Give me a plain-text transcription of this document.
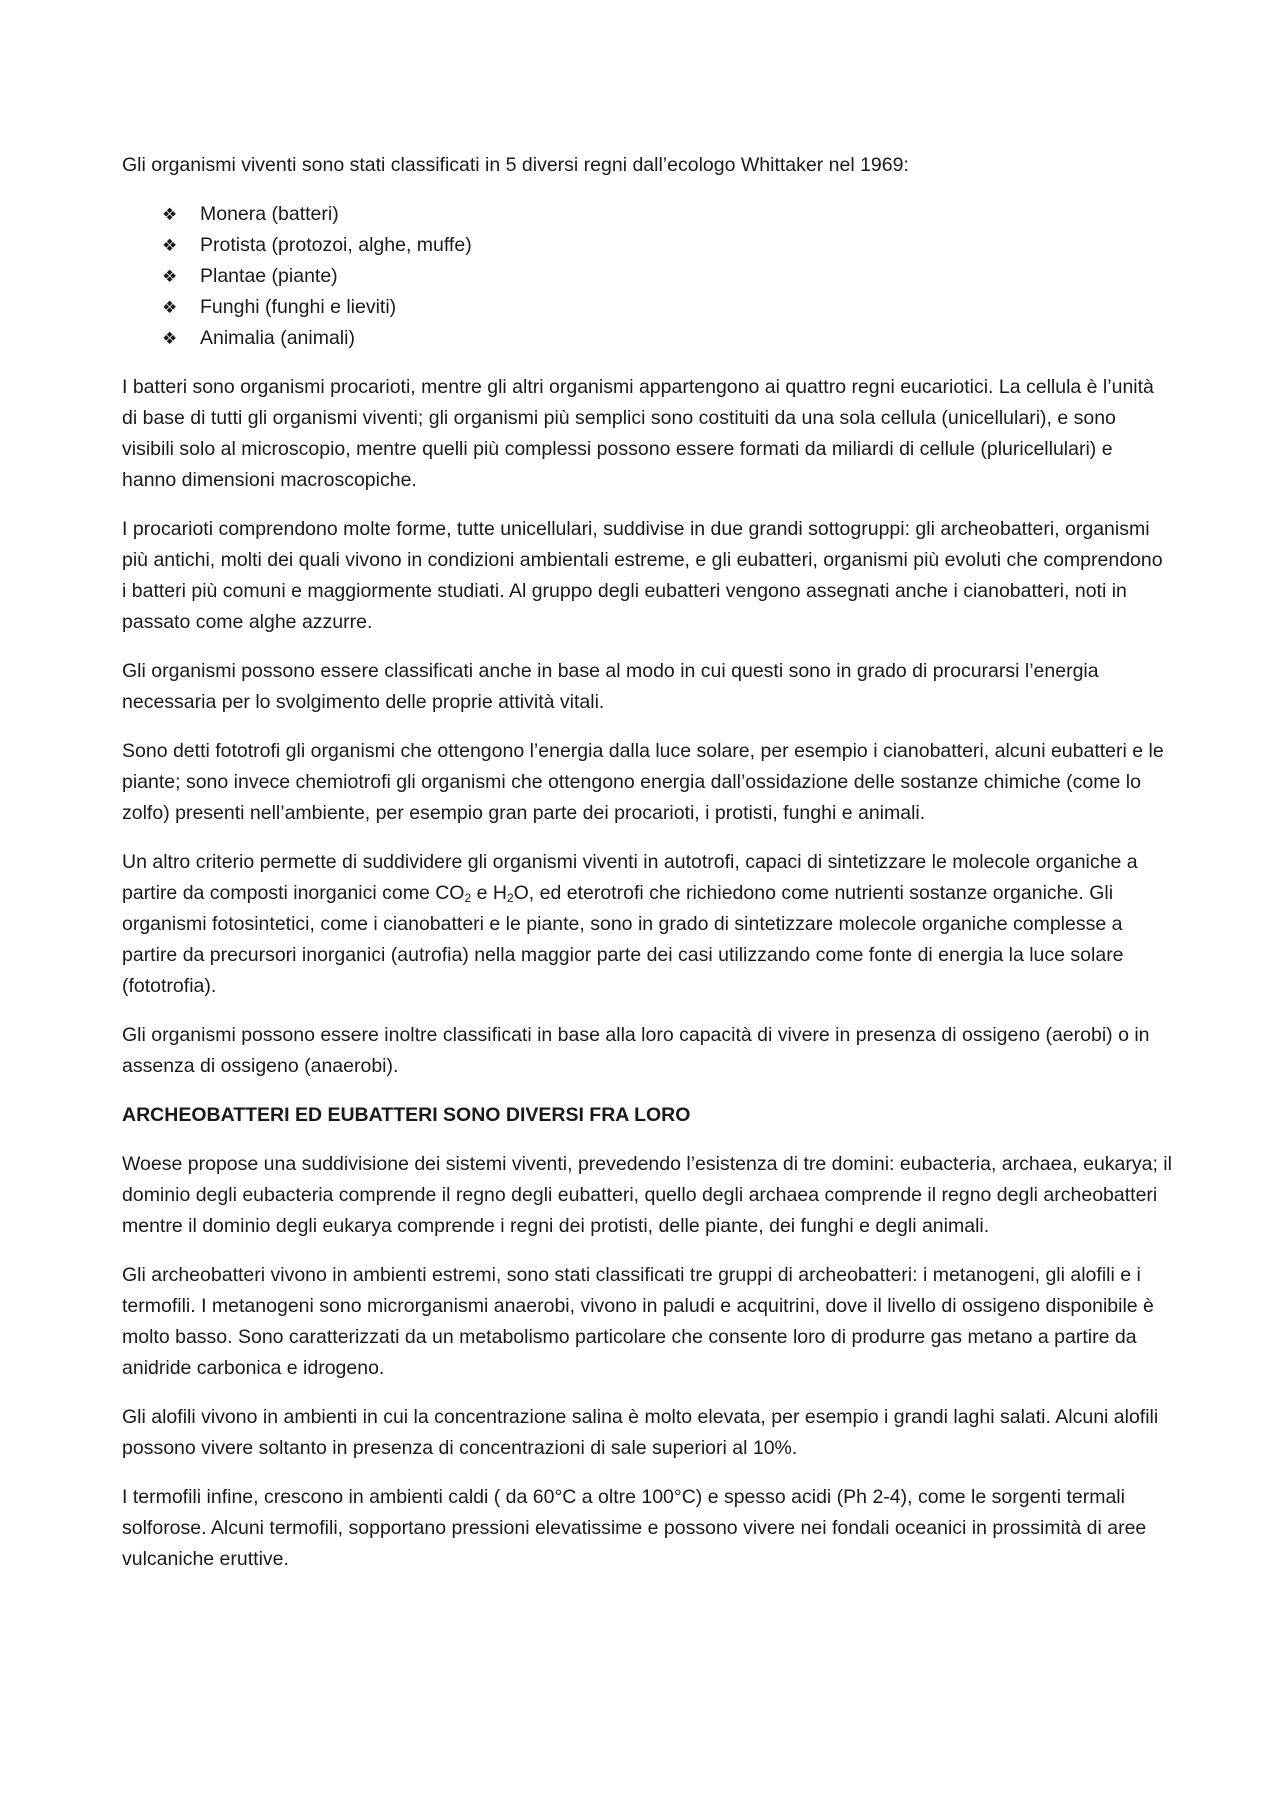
Gli organismi viventi sono stati classificati in 5 diversi regni dall’ecologo Whittaker nel 1969:

❖ Monera (batteri)
❖ Protista (protozoi, alghe, muffe)
❖ Plantae (piante)
❖ Funghi (funghi e lieviti)
❖ Animalia (animali)

I batteri sono organismi procarioti, mentre gli altri organismi appartengono ai quattro regni eucariotici. La cellula è l’unità di base di tutti gli organismi viventi; gli organismi più semplici sono costituiti da una sola cellula (unicellulari), e sono visibili solo al microscopio, mentre quelli più complessi possono essere formati da miliardi di cellule (pluricellulari) e hanno dimensioni macroscopiche.

I procarioti comprendono molte forme, tutte unicellulari, suddivise in due grandi sottogruppi: gli archeobatteri, organismi più antichi, molti dei quali vivono in condizioni ambientali estreme, e gli eubatteri, organismi più evoluti che comprendono i batteri più comuni e maggiormente studiati. Al gruppo degli eubatteri vengono assegnati anche i cianobatteri, noti in passato come alghe azzurre.

Gli organismi possono essere classificati anche in base al modo in cui questi sono in grado di procurarsi l’energia necessaria per lo svolgimento delle proprie attività vitali.

Sono detti fototrofi gli organismi che ottengono l’energia dalla luce solare, per esempio i cianobatteri, alcuni eubatteri e le piante; sono invece chemiotrofi gli organismi che ottengono energia dall’ossidazione delle sostanze chimiche (come lo zolfo) presenti nell’ambiente, per esempio gran parte dei procarioti, i protisti, funghi e animali.

Un altro criterio permette di suddividere gli organismi viventi in autotrofi, capaci di sintetizzare le molecole organiche a partire da composti inorganici come $CO_2$ e $H_2O$, ed eterotrofi che richiedono come nutrienti sostanze organiche. Gli organismi fotosintetici, come i cianobatteri e le piante, sono in grado di sintetizzare molecole organiche complesse a partire da precursori inorganici (autrofia) nella maggior parte dei casi utilizzando come fonte di energia la luce solare (fototrofia).

Gli organismi possono essere inoltre classificati in base alla loro capacità di vivere in presenza di ossigeno (aerobi) o in assenza di ossigeno (anaerobi).

ARCHEOBATTERI ED EUBATTERI SONO DIVERSI FRA LORO

Woese propose una suddivisione dei sistemi viventi, prevedendo l’esistenza di tre domini: eubacteria, archaea, eukarya; il dominio degli eubacteria comprende il regno degli eubatteri, quello degli archaea comprende il regno degli archeobatteri mentre il dominio degli eukarya comprende i regni dei protisti, delle piante, dei funghi e degli animali.

Gli archeobatteri vivono in ambienti estremi, sono stati classificati tre gruppi di archeobatteri: i metanogeni, gli alofili e i termofili. I metanogeni sono microrganismi anaerobi, vivono in paludi e acquitrini, dove il livello di ossigeno disponibile è molto basso. Sono caratterizzati da un metabolismo particolare che consente loro di produrre gas metano a partire da anidride carbonica e idrogeno.

Gli alofili vivono in ambienti in cui la concentrazione salina è molto elevata, per esempio i grandi laghi salati. Alcuni alofili possono vivere soltanto in presenza di concentrazioni di sale superiori al 10%.

I termofili infine, crescono in ambienti caldi ( da 60°C a oltre 100°C) e spesso acidi (Ph 2-4), come le sorgenti termali solforose. Alcuni termofili, sopportano pressioni elevatissime e possono vivere nei fondali oceanici in prossimità di aree vulcaniche eruttive.
